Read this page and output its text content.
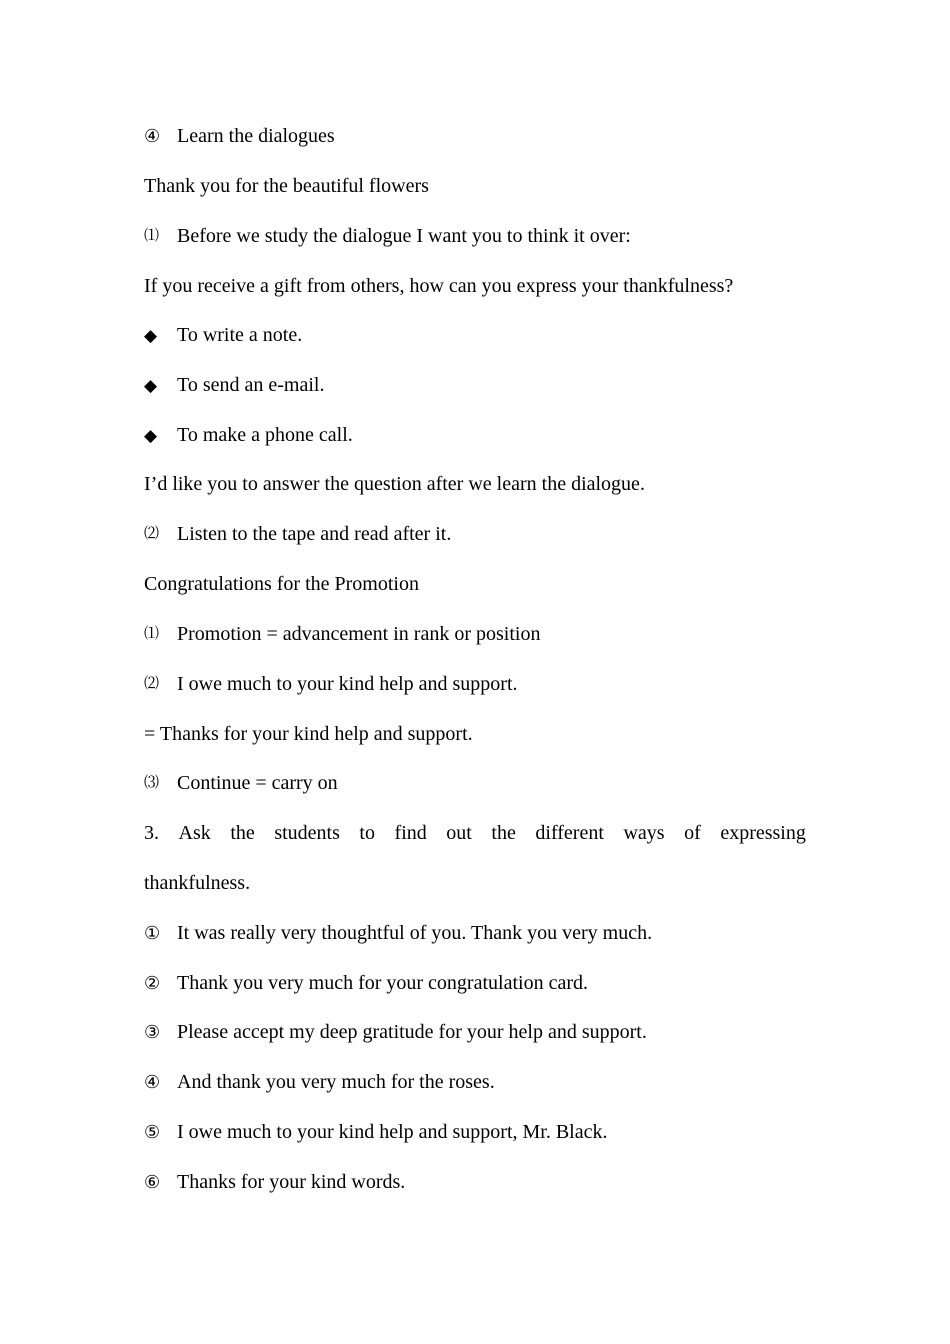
④ Learn the dialogues
Thank you for the beautiful flowers
⑴ Before we study the dialogue I want you to think it over:
If you receive a gift from others, how can you express your thankfulness?
◆ To write a note.
◆ To send an e-mail.
◆ To make a phone call.
I’d like you to answer the question after we learn the dialogue.
⑵ Listen to the tape and read after it.
Congratulations for the Promotion
⑴ Promotion = advancement in rank or position
⑵ I owe much to your kind help and support.
= Thanks for your kind help and support.
⑶ Continue = carry on
3. Ask the students to find out the different ways of expressing
thankfulness.
① It was really very thoughtful of you. Thank you very much.
② Thank you very much for your congratulation card.
③ Please accept my deep gratitude for your help and support.
④ And thank you very much for the roses.
⑤ I owe much to your kind help and support, Mr. Black.
⑥ Thanks for your kind words.
